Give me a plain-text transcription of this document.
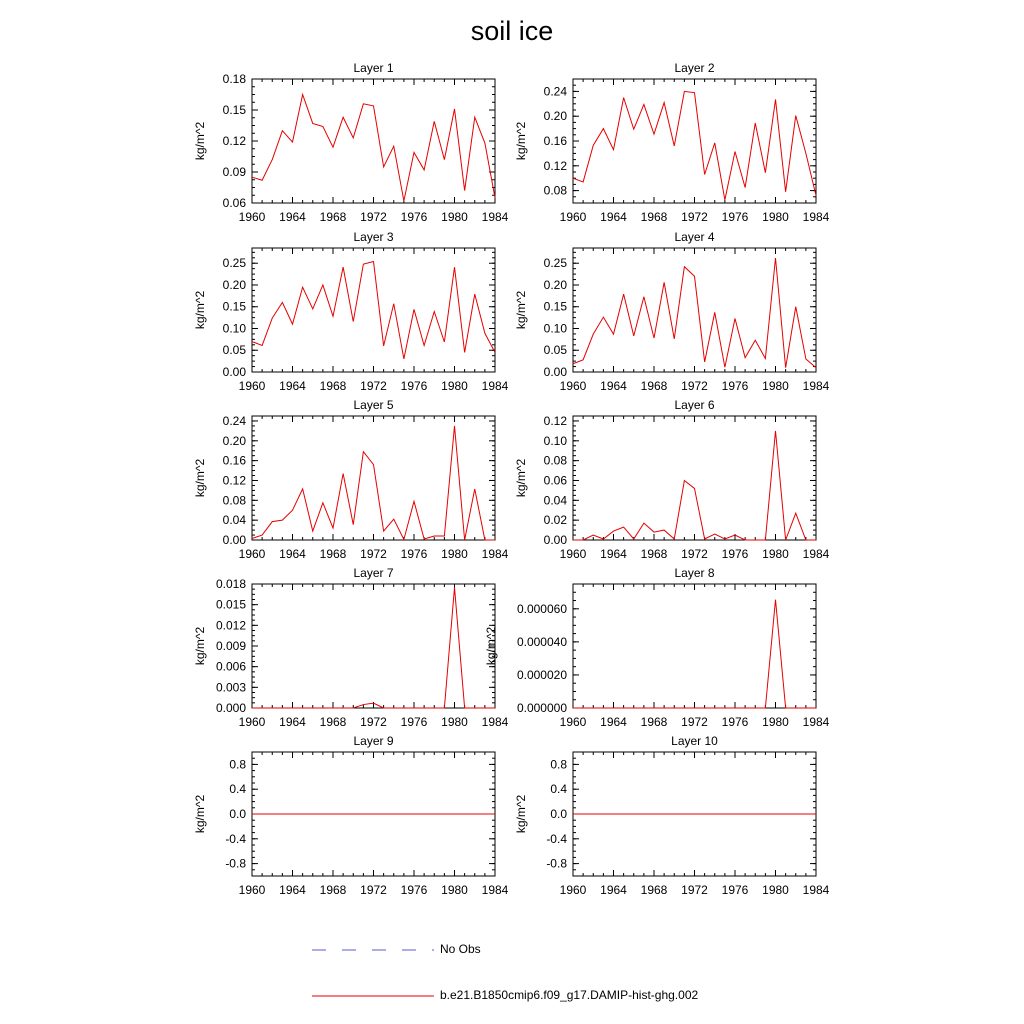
soil ice
Layer 1
kg/m^2
1960 1964 1968 1972 1976 1980 1984
0.06
0.09
0.12
0.15
0.18
Layer 2
kg/m^2
1960 1964 1968 1972 1976 1980 1984
0.08
0.12
0.16
0.20
0.24
Layer 3
kg/m^2
1960 1964 1968 1972 1976 1980 1984
0.00
0.05
0.10
0.15
0.20
0.25
Layer 4
kg/m^2
1960 1964 1968 1972 1976 1980 1984
0.00
0.05
0.10
0.15
0.20
0.25
Layer 5
kg/m^2
1960 1964 1968 1972 1976 1980 1984
0.00
0.04
0.08
0.12
0.16
0.20
0.24
Layer 6
kg/m^2
1960 1964 1968 1972 1976 1980 1984
0.00
0.02
0.04
0.06
0.08
0.10
0.12
Layer 7
kg/m^2
1960 1964 1968 1972 1976 1980 1984
0.000
0.003
0.006
0.009
0.012
0.015
0.018
Layer 8
kg/m^2
1960 1964 1968 1972 1976 1980 1984
0.000000
0.000020
0.000040
0.000060
Layer 9
kg/m^2
1960 1964 1968 1972 1976 1980 1984
-0.8
-0.4
0.0
0.4
0.8
Layer 10
kg/m^2
1960 1964 1968 1972 1976 1980 1984
-0.8
-0.4
0.0
0.4
0.8
No Obs
b.e21.B1850cmip6.f09_g17.DAMIP-hist-ghg.002
